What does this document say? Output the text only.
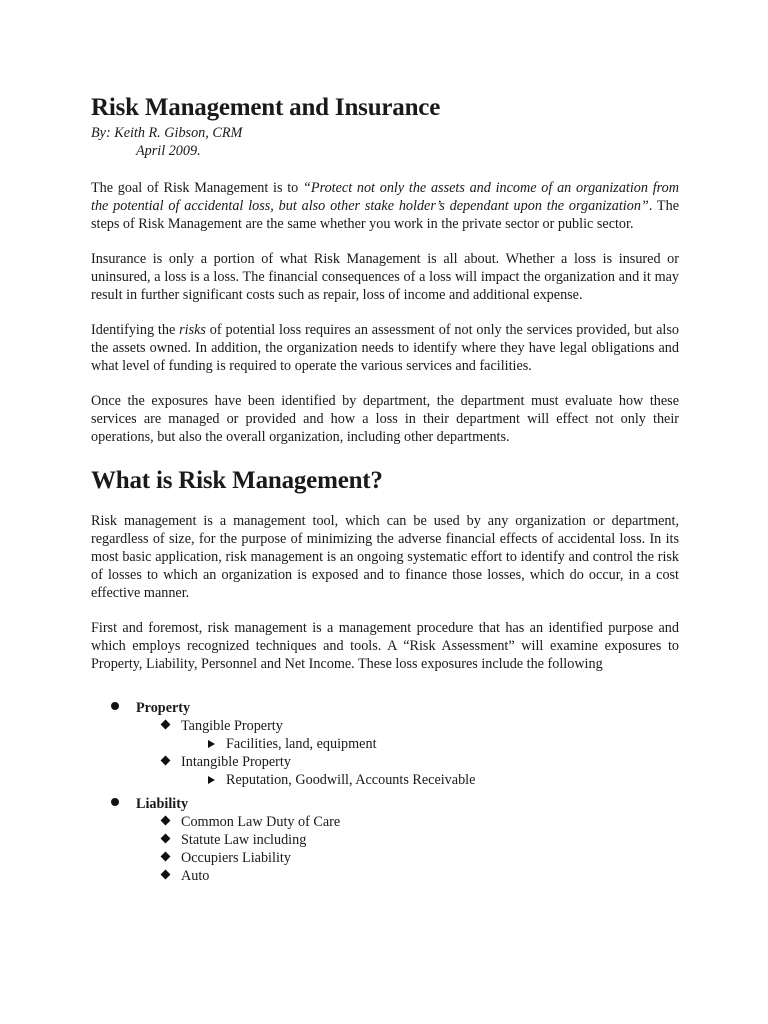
Risk Management and Insurance
By: Keith R. Gibson, CRM
April 2009.

The goal of Risk Management is to “Protect not only the assets and income of an organization from the potential of accidental loss, but also other stake holder’s dependant upon the organization”. The steps of Risk Management are the same whether you work in the private sector or public sector.

Insurance is only a portion of what Risk Management is all about. Whether a loss is insured or uninsured, a loss is a loss. The financial consequences of a loss will impact the organization and it may result in further significant costs such as repair, loss of income and additional expense.

Identifying the risks of potential loss requires an assessment of not only the services provided, but also the assets owned. In addition, the organization needs to identify where they have legal obligations and what level of funding is required to operate the various services and facilities.

Once the exposures have been identified by department, the department must evaluate how these services are managed or provided and how a loss in their department will effect not only their operations, but also the overall organization, including other departments.

What is Risk Management?

Risk management is a management tool, which can be used by any organization or department, regardless of size, for the purpose of minimizing the adverse financial effects of accidental loss. In its most basic application, risk management is an ongoing systematic effort to identify and control the risk of losses to which an organization is exposed and to finance those losses, which do occur, in a cost effective manner.

First and foremost, risk management is a management procedure that has an identified purpose and which employs recognized techniques and tools. A “Risk Assessment” will examine exposures to Property, Liability, Personnel and Net Income. These loss exposures include the following

Property
Tangible Property
Facilities, land, equipment
Intangible Property
Reputation, Goodwill, Accounts Receivable
Liability
Common Law Duty of Care
Statute Law including
Occupiers Liability
Auto
